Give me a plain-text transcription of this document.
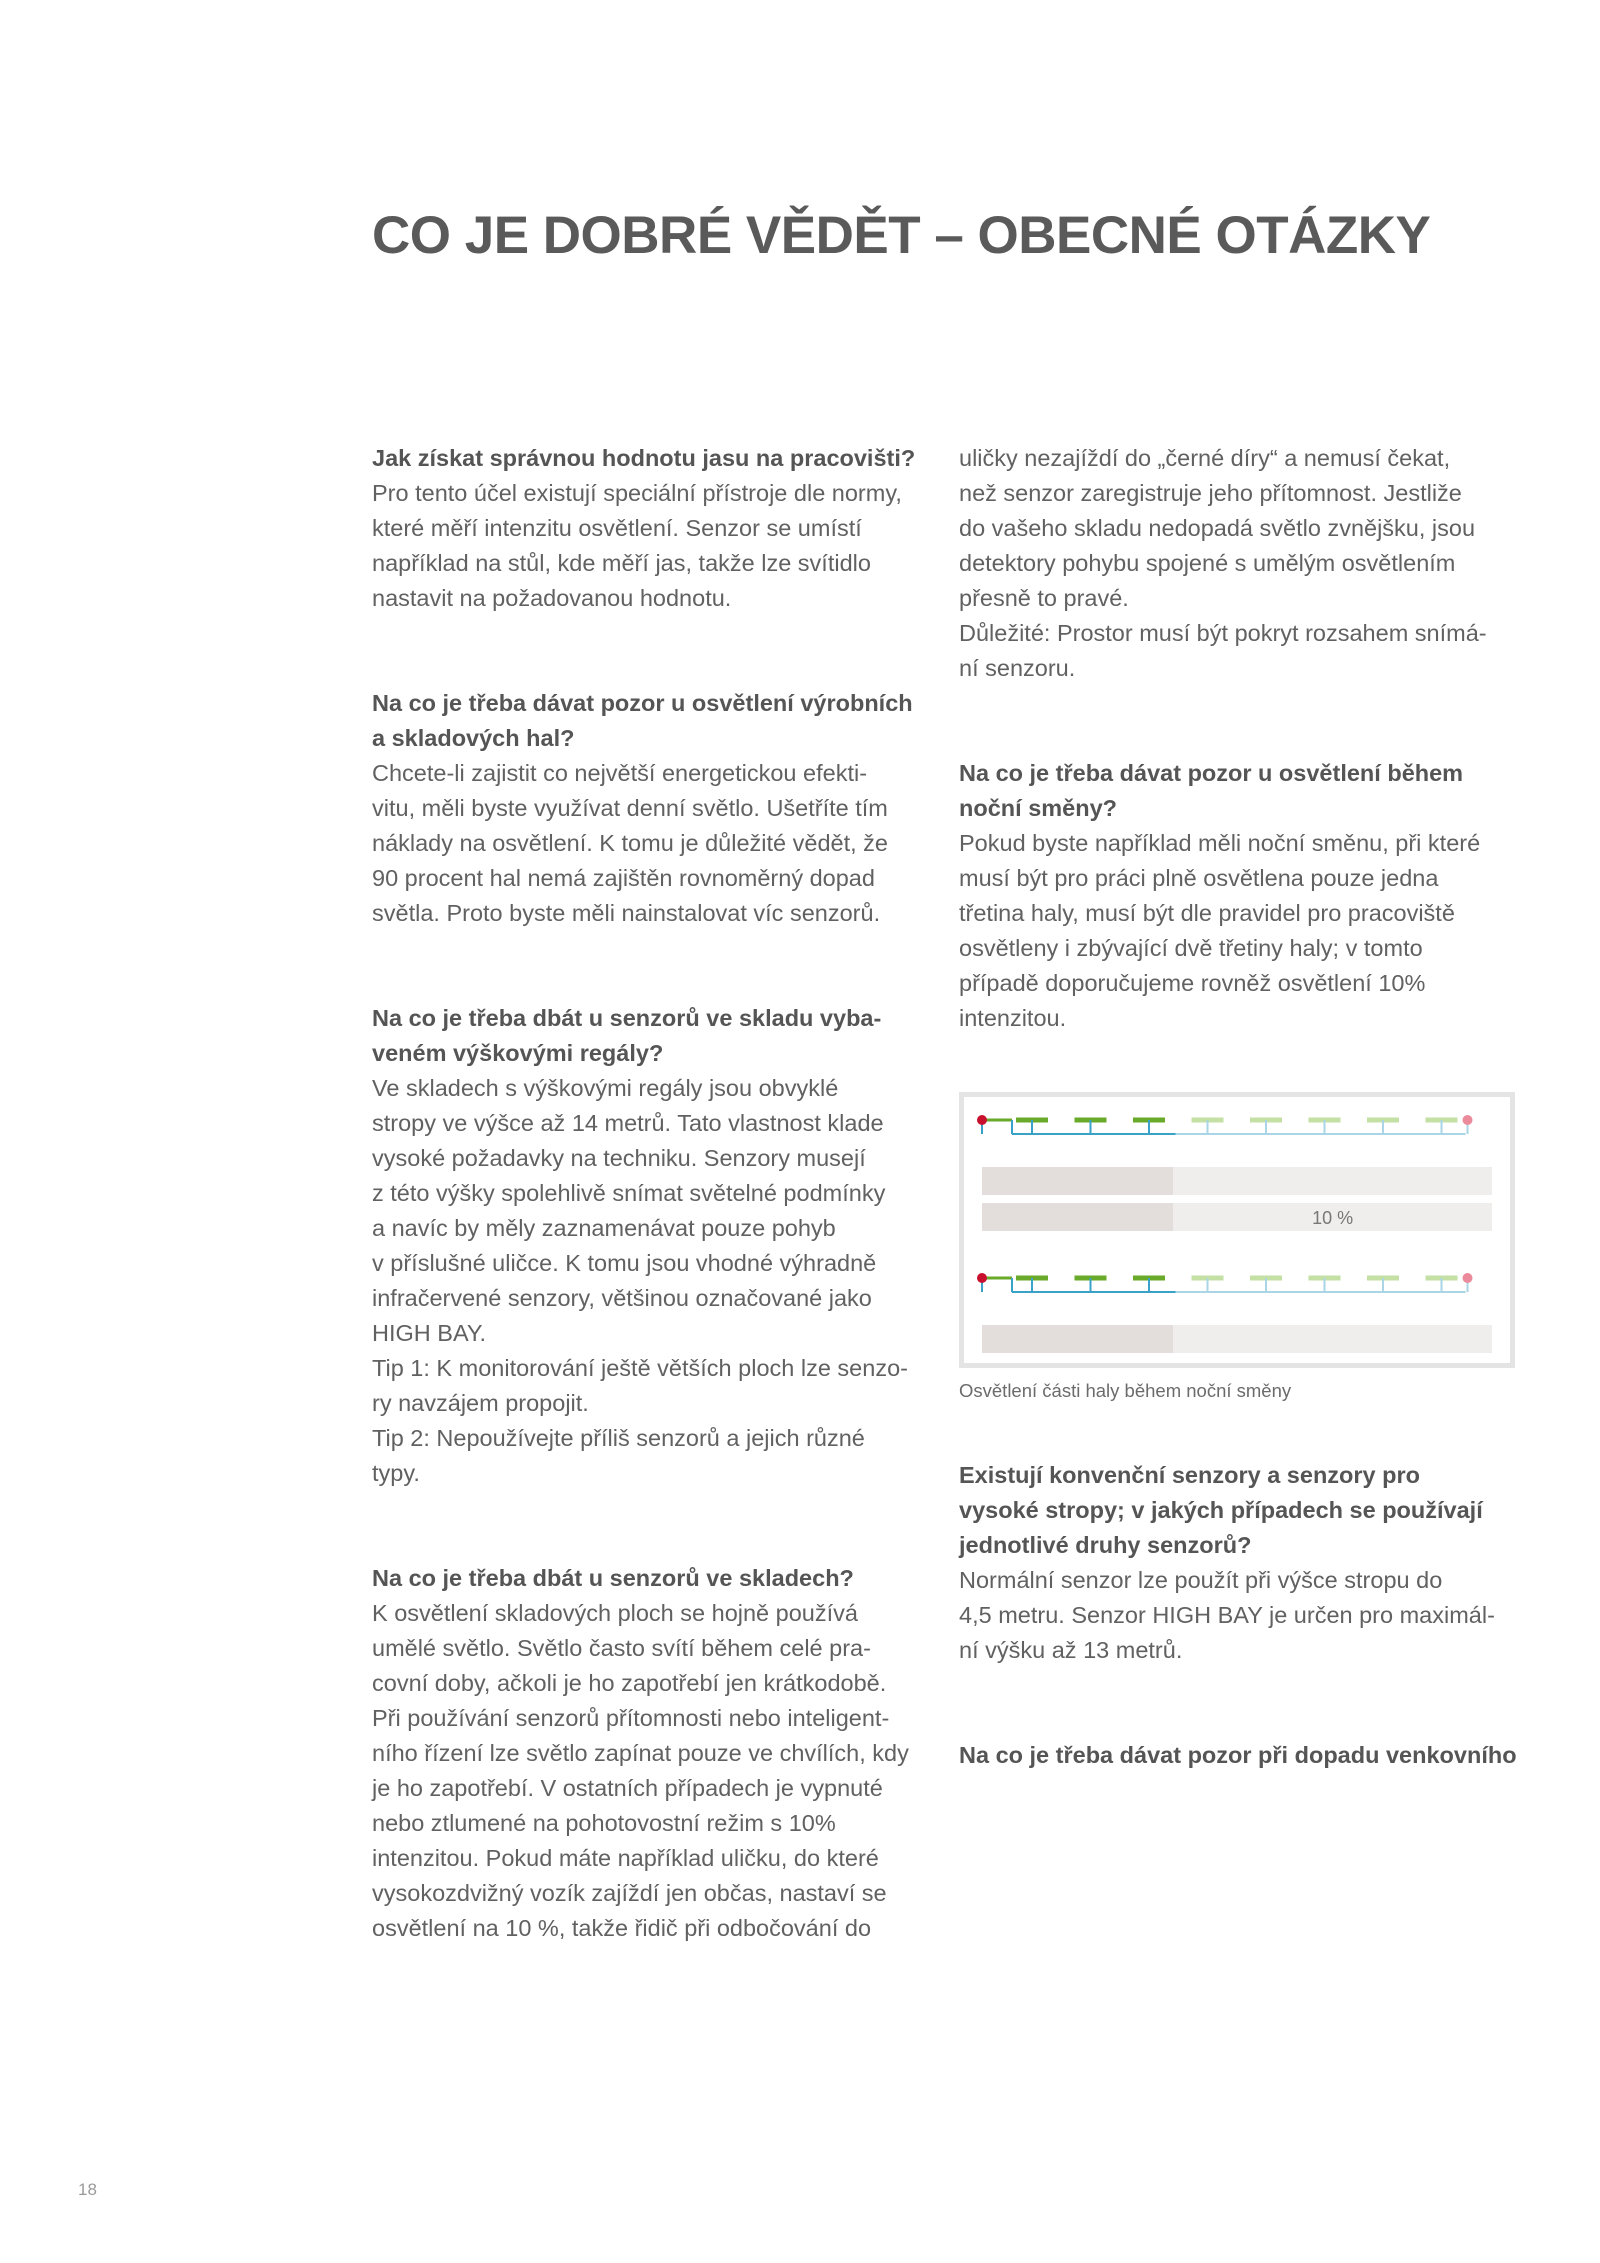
CO JE DOBRÉ VĚDĚT – OBECNÉ OTÁZKY
Jak získat správnou hodnotu jasu na pracovišti?
Pro tento účel existují speciální přístroje dle normy,
které měří intenzitu osvětlení. Senzor se umístí
například na stůl, kde měří jas, takže lze svítidlo
nastavit na požadovanou hodnotu.
Na co je třeba dávat pozor u osvětlení výrobních
a skladových hal?
Chcete-li zajistit co největší energetickou efekti-
vitu, měli byste využívat denní světlo. Ušetříte tím
náklady na osvětlení. K tomu je důležité vědět, že
90 procent hal nemá zajištěn rovnoměrný dopad
světla. Proto byste měli nainstalovat víc senzorů.
Na co je třeba dbát u senzorů ve skladu vyba-
veném výškovými regály?
Ve skladech s výškovými regály jsou obvyklé
stropy ve výšce až 14 metrů. Tato vlastnost klade
vysoké požadavky na techniku. Senzory musejí
z této výšky spolehlivě snímat světelné podmínky
a navíc by měly zaznamenávat pouze pohyb
v příslušné uličce. K tomu jsou vhodné výhradně
infračervené senzory, většinou označované jako
HIGH BAY.
Tip 1: K monitorování ještě větších ploch lze senzo-
ry navzájem propojit.
Tip 2: Nepoužívejte příliš senzorů a jejich různé
typy.
Na co je třeba dbát u senzorů ve skladech?
K osvětlení skladových ploch se hojně používá
umělé světlo. Světlo často svítí během celé pra-
covní doby, ačkoli je ho zapotřebí jen krátkodobě.
Při používání senzorů přítomnosti nebo inteligent-
ního řízení lze světlo zapínat pouze ve chvílích, kdy
je ho zapotřebí. V ostatních případech je vypnuté
nebo ztlumené na pohotovostní režim s 10%
intenzitou. Pokud máte například uličku, do které
vysokozdvižný vozík zajíždí jen občas, nastaví se
osvětlení na 10 %, takže řidič při odbočování do
uličky nezajíždí do „černé díry“ a nemusí čekat,
než senzor zaregistruje jeho přítomnost. Jestliže
do vašeho skladu nedopadá světlo zvnějšku, jsou
detektory pohybu spojené s umělým osvětlením
přesně to pravé.
Důležité: Prostor musí být pokryt rozsahem snímá-
ní senzoru.
Na co je třeba dávat pozor u osvětlení během
noční směny?
Pokud byste například měli noční směnu, při které
musí být pro práci plně osvětlena pouze jedna
třetina haly, musí být dle pravidel pro pracoviště
osvětleny i zbývající dvě třetiny haly; v tomto
případě doporučujeme rovněž osvětlení 10%
intenzitou.
10 %
Osvětlení části haly během noční směny
Existují konvenční senzory a senzory pro
vysoké stropy; v jakých případech se používají
jednotlivé druhy senzorů?
Normální senzor lze použít při výšce stropu do
4,5 metru. Senzor HIGH BAY je určen pro maximál-
ní výšku až 13 metrů.
Na co je třeba dávat pozor při dopadu venkovního
18
